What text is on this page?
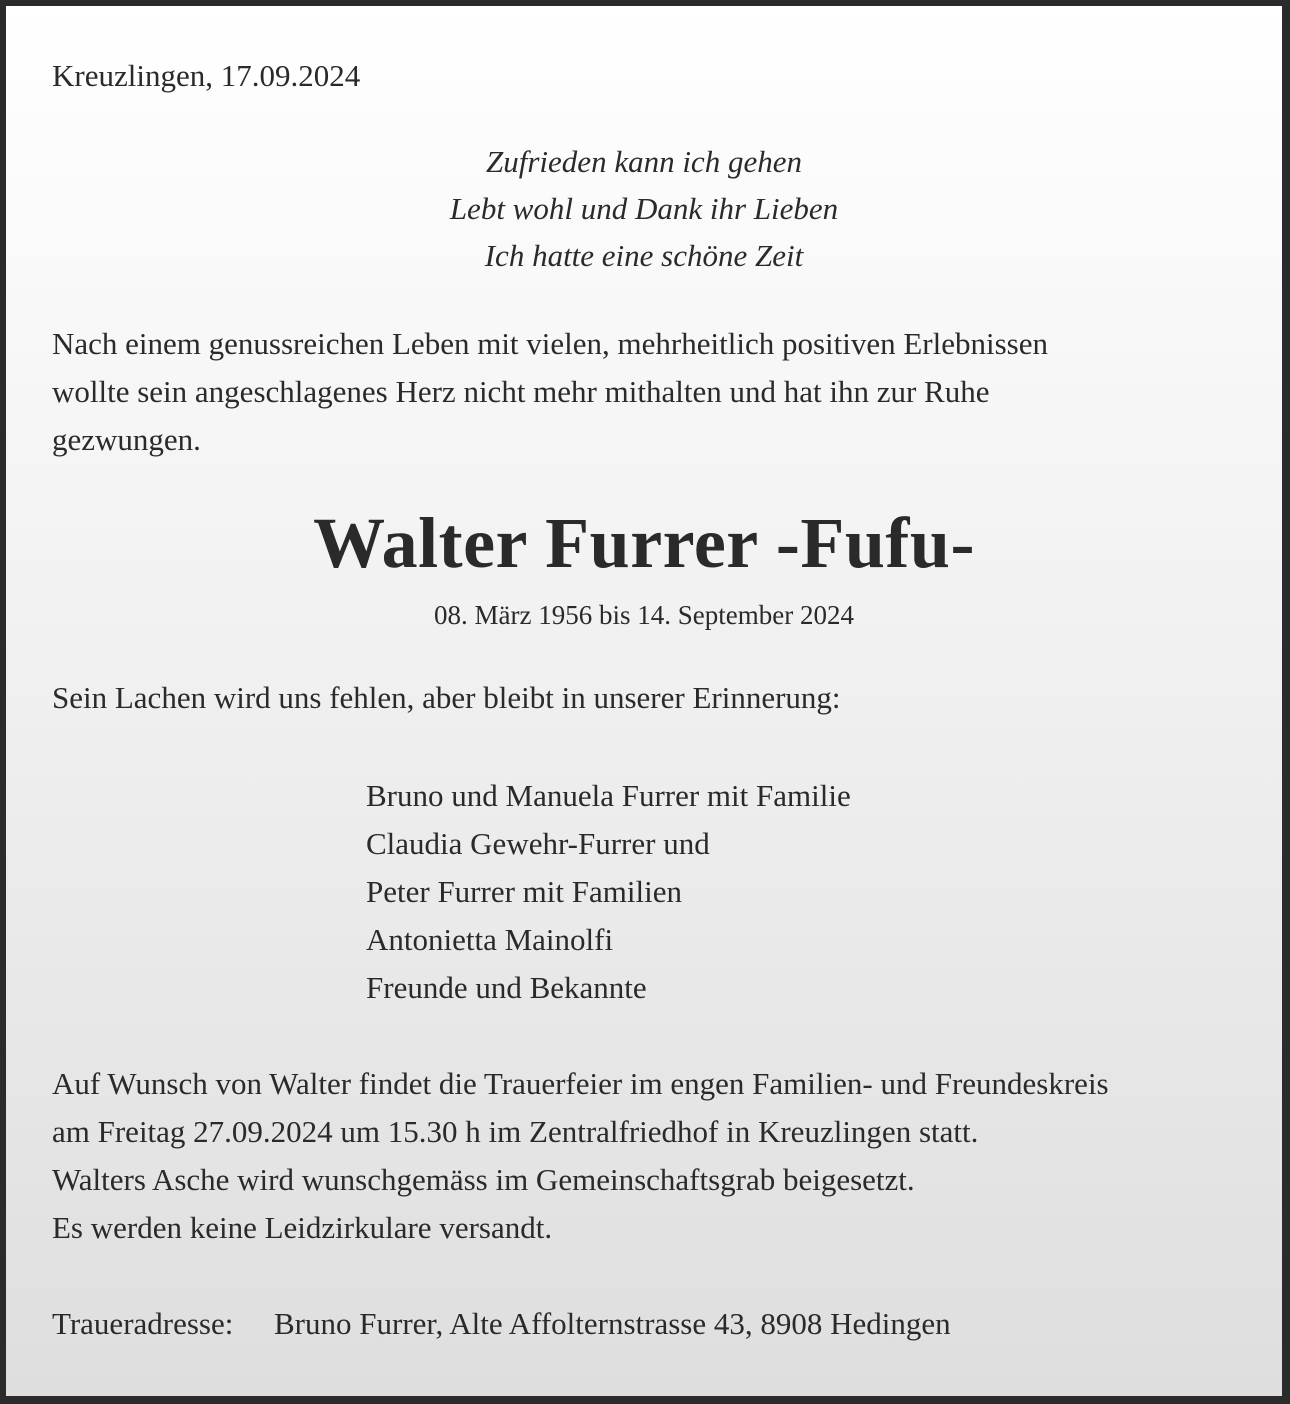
Kreuzlingen, 17.09.2024

Zufrieden kann ich gehen

Lebt wohl und Dank ihr Lieben

Ich hatte eine schöne Zeit

Nach einem genussreichen Leben mit vielen, mehrheitlich positiven Erlebnissen

wollte sein angeschlagenes Herz nicht mehr mithalten und hat ihn zur Ruhe

gezwungen.

Walter Furrer -Fufu-

08. März 1956 bis 14. September 2024

Sein Lachen wird uns fehlen, aber bleibt in unserer Erinnerung:

Bruno und Manuela Furrer mit Familie

Claudia Gewehr-Furrer und

Peter Furrer mit Familien

Antonietta Mainolfi

Freunde und Bekannte

Auf Wunsch von Walter findet die Trauerfeier im engen Familien- und Freundeskreis

am Freitag 27.09.2024 um 15.30 h im Zentralfriedhof in Kreuzlingen statt.

Walters Asche wird wunschgemäss im Gemeinschaftsgrab beigesetzt.

Es werden keine Leidzirkulare versandt.

Traueradresse: Bruno Furrer, Alte Affolternstrasse 43, 8908 Hedingen
